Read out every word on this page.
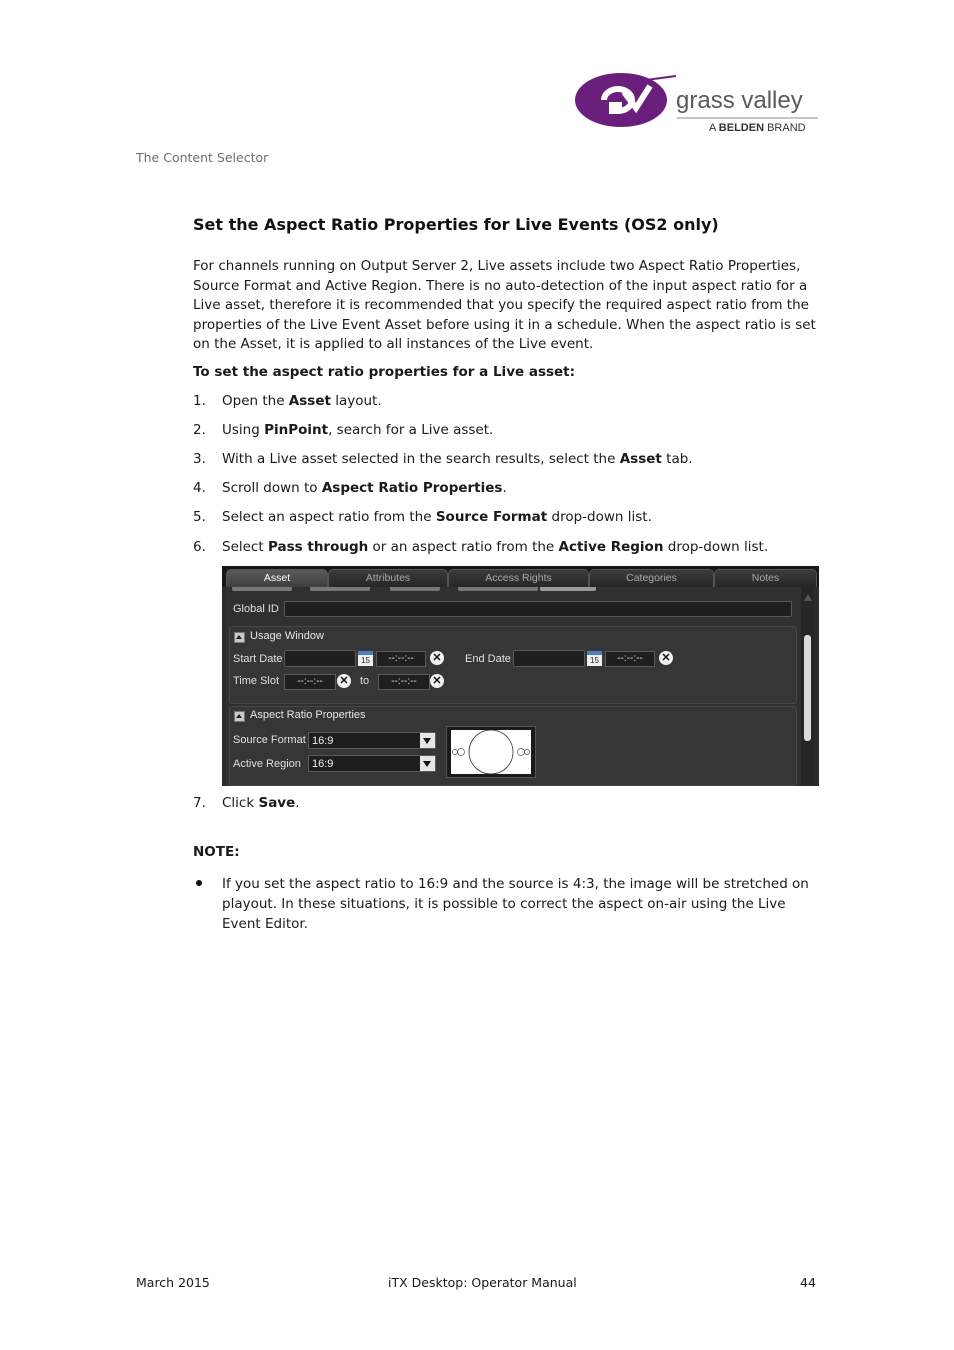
grass valley
A BELDEN BRAND
The Content Selector
Set the Aspect Ratio Properties for Live Events (OS2 only)
For channels running on Output Server 2, Live assets include two Aspect Ratio Properties, Source Format and Active Region. There is no auto-detection of the input aspect ratio for a Live asset, therefore it is recommended that you specify the required aspect ratio from the properties of the Live Event Asset before using it in a schedule. When the aspect ratio is set on the Asset, it is applied to all instances of the Live event.
To set the aspect ratio properties for a Live asset:
1.	Open the Asset layout.
2.	Using PinPoint, search for a Live asset.
3.	With a Live asset selected in the search results, select the Asset tab.
4.	Scroll down to Aspect Ratio Properties.
5.	Select an aspect ratio from the Source Format drop-down list.
6.	Select Pass through or an aspect ratio from the Active Region drop-down list.
Asset	Attributes	Access Rights	Categories	Notes
Global ID
Usage Window
Start Date	15	--:--:--	✕ End Date	15	--:--:--	✕
Time Slot	--:--:--	✕ to	--:--:--	✕
Aspect Ratio Properties
Source Format 16:9
Active Region	16:9
7.	Click Save.
NOTE:
If you set the aspect ratio to 16:9 and the source is 4:3, the image will be stretched on playout. In these situations, it is possible to correct the aspect on-air using the Live Event Editor.
March 2015	iTX Desktop: Operator Manual	44
